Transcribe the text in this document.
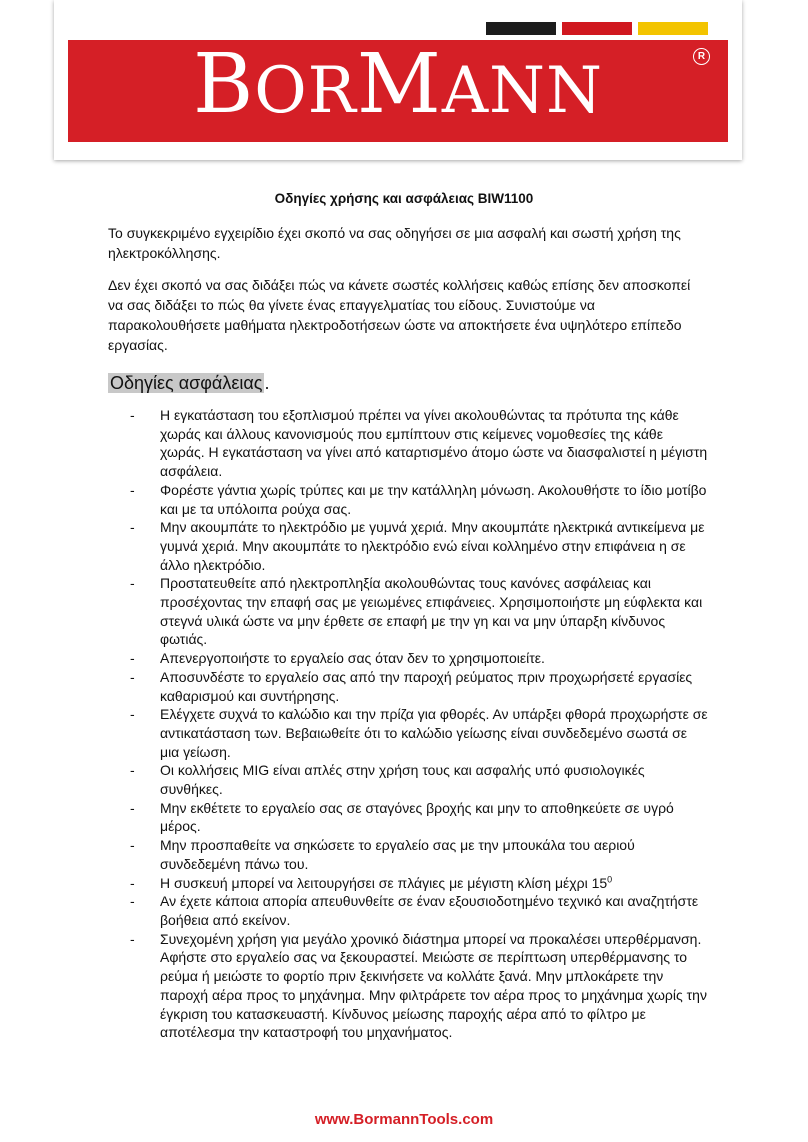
BORMANN	R
Οδηγίες χρήσης και ασφάλειας BIW1100

Το συγκεκριμένο εγχειρίδιο έχει σκοπό να σας οδηγήσει σε μια ασφαλή και σωστή χρήση της ηλεκτροκόλλησης.

Δεν έχει σκοπό να σας διδάξει πώς να κάνετε σωστές κολλήσεις καθώς επίσης δεν αποσκοπεί να σας διδάξει το πώς θα γίνετε ένας επαγγελματίας του είδους. Συνιστούμε να παρακολουθήσετε μαθήματα ηλεκτροδοτήσεων ώστε να αποκτήσετε ένα υψηλότερο επίπεδο εργασίας.

Οδηγίες ασφάλειας .
- Η εγκατάσταση του εξοπλισμού πρέπει να γίνει ακολουθώντας τα πρότυπα της κάθε χωράς και άλλους κανονισμούς που εμπίπτουν στις κείμενες νομοθεσίες της κάθε χωράς. Η εγκατάσταση να γίνει από καταρτισμένο άτομο ώστε να διασφαλιστεί η μέγιστη ασφάλεια.
- Φορέστε γάντια χωρίς τρύπες και με την κατάλληλη μόνωση. Ακολουθήστε το ίδιο μοτίβο και με τα υπόλοιπα ρούχα σας.
- Μην ακουμπάτε το ηλεκτρόδιο με γυμνά χεριά. Μην ακουμπάτε ηλεκτρικά αντικείμενα με γυμνά χεριά. Μην ακουμπάτε το ηλεκτρόδιο ενώ είναι κολλημένο στην επιφάνεια η σε άλλο ηλεκτρόδιο.
- Προστατευθείτε από ηλεκτροπληξία ακολουθώντας τους κανόνες ασφάλειας και προσέχοντας την επαφή σας με γειωμένες επιφάνειες. Χρησιμοποιήστε μη εύφλεκτα και στεγνά υλικά ώστε να μην έρθετε σε επαφή με την γη και να μην ύπαρξη κίνδυνος φωτιάς.
- Απενεργοποιήστε το εργαλείο σας όταν δεν το χρησιμοποιείτε.
- Αποσυνδέστε το εργαλείο σας από την παροχή ρεύματος πριν προχωρήσετέ εργασίες καθαρισμού και συντήρησης.
- Ελέγχετε συχνά το καλώδιο και την πρίζα για φθορές. Αν υπάρξει φθορά προχωρήστε σε αντικατάσταση των. Βεβαιωθείτε ότι το καλώδιο γείωσης είναι συνδεδεμένο σωστά σε μια γείωση.
- Οι κολλήσεις MIG είναι απλές στην χρήση τους και ασφαλής υπό φυσιολογικές συνθήκες.
- Μην εκθέτετε το εργαλείο σας σε σταγόνες βροχής και μην το αποθηκεύετε σε υγρό μέρος.
- Μην προσπαθείτε να σηκώσετε το εργαλείο σας με την μπουκάλα του αεριού συνδεδεμένη πάνω του.
- Η συσκευή μπορεί να λειτουργήσει σε πλάγιες με μέγιστη κλίση μέχρι $15^0$
- Αν έχετε κάποια απορία απευθυνθείτε σε έναν εξουσιοδοτημένο τεχνικό και αναζητήστε βοήθεια από εκείνον.
- Συνεχομένη χρήση για μεγάλο χρονικό διάστημα μπορεί να προκαλέσει υπερθέρμανση. Αφήστε στο εργαλείο σας να ξεκουραστεί. Μειώστε σε περίπτωση υπερθέρμανσης το ρεύμα ή μειώστε το φορτίο πριν ξεκινήσετε να κολλάτε ξανά. Μην μπλοκάρετε την παροχή αέρα προς το μηχάνημα. Μην φιλτράρετε τον αέρα προς το μηχάνημα χωρίς την έγκριση του κατασκευαστή. Κίνδυνος μείωσης παροχής αέρα από το φίλτρο με αποτέλεσμα την καταστροφή του μηχανήματος.

www.BormannTools.com
